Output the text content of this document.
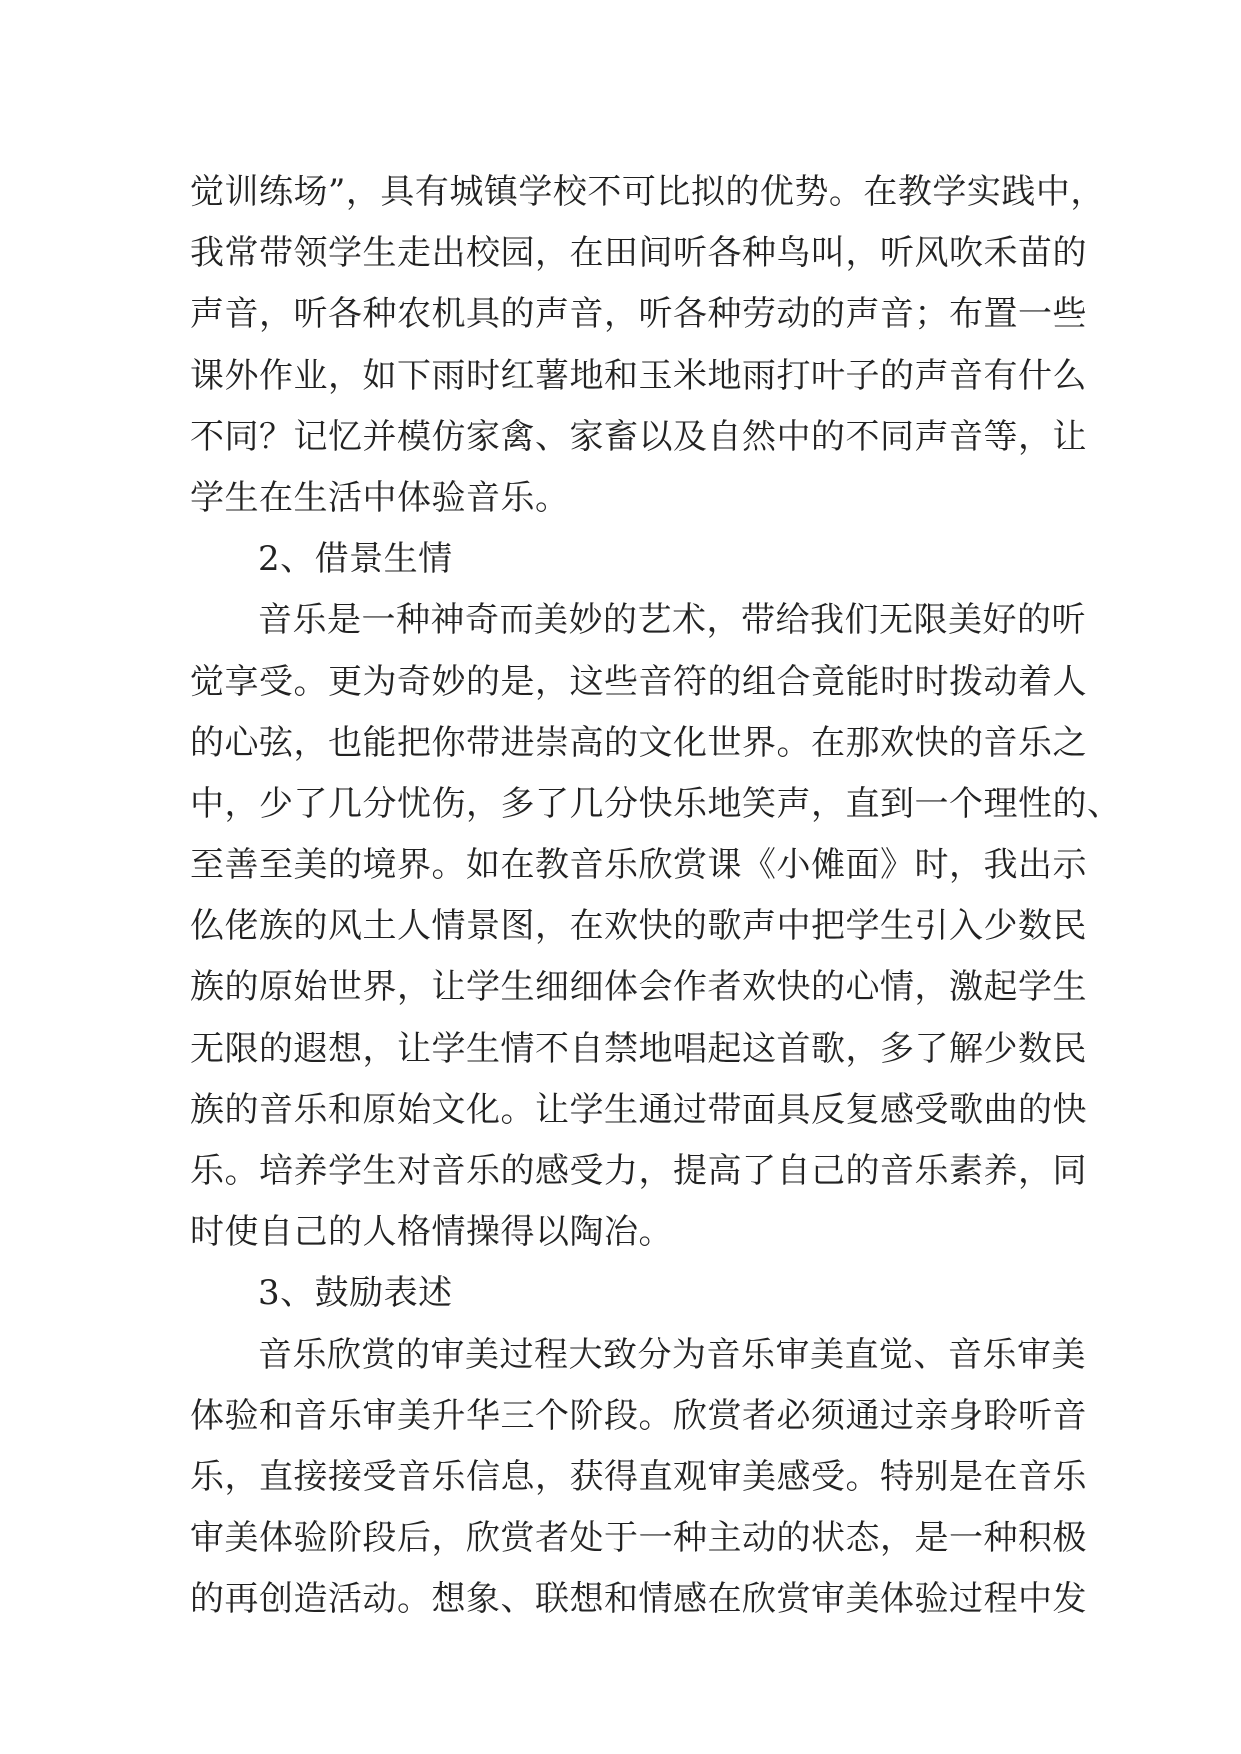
觉训练场”，具有城镇学校不可比拟的优势。在教学实践中，
我常带领学生走出校园，在田间听各种鸟叫，听风吹禾苗的
声音，听各种农机具的声音，听各种劳动的声音；布置一些
课外作业，如下雨时红薯地和玉米地雨打叶子的声音有什么
不同？记忆并模仿家禽、家畜以及自然中的不同声音等，让
学生在生活中体验音乐。
2、借景生情
音乐是一种神奇而美妙的艺术，带给我们无限美好的听
觉享受。更为奇妙的是，这些音符的组合竟能时时拨动着人
的心弦，也能把你带进崇高的文化世界。在那欢快的音乐之
中，少了几分忧伤，多了几分快乐地笑声，直到一个理性的、
至善至美的境界。如在教音乐欣赏课《小傩面》时，我出示
仫佬族的风土人情景图，在欢快的歌声中把学生引入少数民
族的原始世界，让学生细细体会作者欢快的心情，激起学生
无限的遐想，让学生情不自禁地唱起这首歌，多了解少数民
族的音乐和原始文化。让学生通过带面具反复感受歌曲的快
乐。培养学生对音乐的感受力，提高了自己的音乐素养，同
时使自己的人格情操得以陶冶。
3、鼓励表述
音乐欣赏的审美过程大致分为音乐审美直觉、音乐审美
体验和音乐审美升华三个阶段。欣赏者必须通过亲身聆听音
乐，直接接受音乐信息，获得直观审美感受。特别是在音乐
审美体验阶段后，欣赏者处于一种主动的状态，是一种积极
的再创造活动。想象、联想和情感在欣赏审美体验过程中发
